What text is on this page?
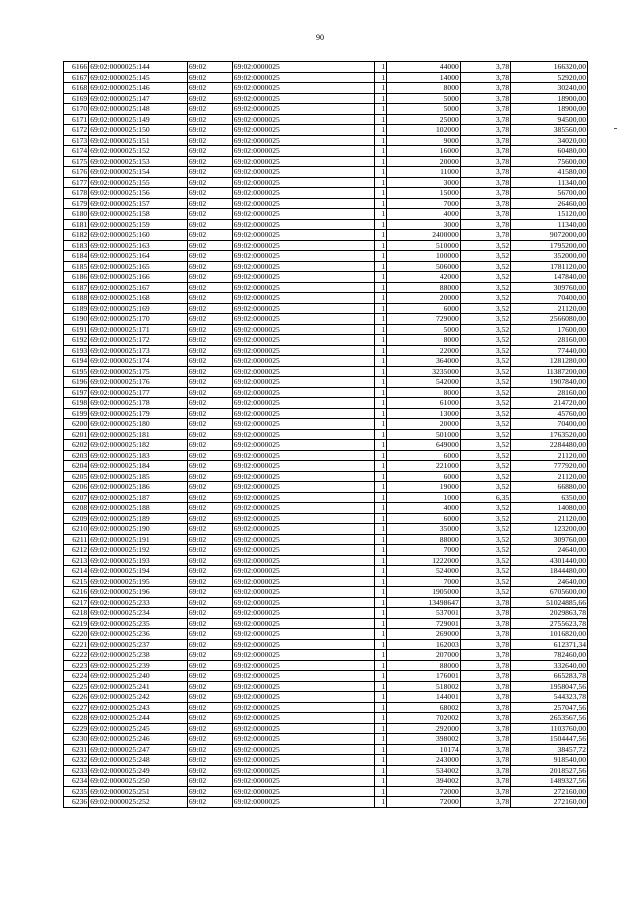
90
6166	69:02:0000025:144	69:02	69:02:0000025	1	44000	3,78	166320,00
6167	69:02:0000025:145	69:02	69:02:0000025	1	14000	3,78	52920,00
6168	69:02:0000025:146	69:02	69:02:0000025	1	8000	3,78	30240,00
6169	69:02:0000025:147	69:02	69:02:0000025	1	5000	3,78	18900,00
6170	69:02:0000025:148	69:02	69:02:0000025	1	5000	3,78	18900,00
6171	69:02:0000025:149	69:02	69:02:0000025	1	25000	3,78	94500,00
6172	69:02:0000025:150	69:02	69:02:0000025	1	102000	3,78	385560,00
6173	69:02:0000025:151	69:02	69:02:0000025	1	9000	3,78	34020,00
6174	69:02:0000025:152	69:02	69:02:0000025	1	16000	3,78	60480,00
6175	69:02:0000025:153	69:02	69:02:0000025	1	20000	3,78	75600,00
6176	69:02:0000025:154	69:02	69:02:0000025	1	11000	3,78	41580,00
6177	69:02:0000025:155	69:02	69:02:0000025	1	3000	3,78	11340,00
6178	69:02:0000025:156	69:02	69:02:0000025	1	15000	3,78	56700,00
6179	69:02:0000025:157	69:02	69:02:0000025	1	7000	3,78	26460,00
6180	69:02:0000025:158	69:02	69:02:0000025	1	4000	3,78	15120,00
6181	69:02:0000025:159	69:02	69:02:0000025	1	3000	3,78	11340,00
6182	69:02:0000025:160	69:02	69:02:0000025	1	2400000	3,78	9072000,00
6183	69:02:0000025:163	69:02	69:02:0000025	1	510000	3,52	1795200,00
6184	69:02:0000025:164	69:02	69:02:0000025	1	100000	3,52	352000,00
6185	69:02:0000025:165	69:02	69:02:0000025	1	506000	3,52	1781120,00
6186	69:02:0000025:166	69:02	69:02:0000025	1	42000	3,52	147840,00
6187	69:02:0000025:167	69:02	69:02:0000025	1	88000	3,52	309760,00
6188	69:02:0000025:168	69:02	69:02:0000025	1	20000	3,52	70400,00
6189	69:02:0000025:169	69:02	69:02:0000025	1	6000	3,52	21120,00
6190	69:02:0000025:170	69:02	69:02:0000025	1	729000	3,52	2566080,00
6191	69:02:0000025:171	69:02	69:02:0000025	1	5000	3,52	17600,00
6192	69:02:0000025:172	69:02	69:02:0000025	1	8000	3,52	28160,00
6193	69:02:0000025:173	69:02	69:02:0000025	1	22000	3,52	77440,00
6194	69:02:0000025:174	69:02	69:02:0000025	1	364000	3,52	1281280,00
6195	69:02:0000025:175	69:02	69:02:0000025	1	3235000	3,52	11387200,00
6196	69:02:0000025:176	69:02	69:02:0000025	1	542000	3,52	1907840,00
6197	69:02:0000025:177	69:02	69:02:0000025	1	8000	3,52	28160,00
6198	69:02:0000025:178	69:02	69:02:0000025	1	61000	3,52	214720,00
6199	69:02:0000025:179	69:02	69:02:0000025	1	13000	3,52	45760,00
6200	69:02:0000025:180	69:02	69:02:0000025	1	20000	3,52	70400,00
6201	69:02:0000025:181	69:02	69:02:0000025	1	501000	3,52	1763520,00
6202	69:02:0000025:182	69:02	69:02:0000025	1	649000	3,52	2284480,00
6203	69:02:0000025:183	69:02	69:02:0000025	1	6000	3,52	21120,00
6204	69:02:0000025:184	69:02	69:02:0000025	1	221000	3,52	777920,00
6205	69:02:0000025:185	69:02	69:02:0000025	1	6000	3,52	21120,00
6206	69:02:0000025:186	69:02	69:02:0000025	1	19000	3,52	66880,00
6207	69:02:0000025:187	69:02	69:02:0000025	1	1000	6,35	6350,00
6208	69:02:0000025:188	69:02	69:02:0000025	1	4000	3,52	14080,00
6209	69:02:0000025:189	69:02	69:02:0000025	1	6000	3,52	21120,00
6210	69:02:0000025:190	69:02	69:02:0000025	1	35000	3,52	123200,00
6211	69:02:0000025:191	69:02	69:02:0000025	1	88000	3,52	309760,00
6212	69:02:0000025:192	69:02	69:02:0000025	1	7000	3,52	24640,00
6213	69:02:0000025:193	69:02	69:02:0000025	1	1222000	3,52	4301440,00
6214	69:02:0000025:194	69:02	69:02:0000025	1	524000	3,52	1844480,00
6215	69:02:0000025:195	69:02	69:02:0000025	1	7000	3,52	24640,00
6216	69:02:0000025:196	69:02	69:02:0000025	1	1905000	3,52	6705600,00
6217	69:02:0000025:233	69:02	69:02:0000025	1	13498647	3,78	51024885,66
6218	69:02:0000025:234	69:02	69:02:0000025	1	537001	3,78	2029863,78
6219	69:02:0000025:235	69:02	69:02:0000025	1	729001	3,78	2755623,78
6220	69:02:0000025:236	69:02	69:02:0000025	1	269000	3,78	1016820,00
6221	69:02:0000025:237	69:02	69:02:0000025	1	162003	3,78	612371,34
6222	69:02:0000025:238	69:02	69:02:0000025	1	207000	3,78	782460,00
6223	69:02:0000025:239	69:02	69:02:0000025	1	88000	3,78	332640,00
6224	69:02:0000025:240	69:02	69:02:0000025	1	176001	3,78	665283,78
6225	69:02:0000025:241	69:02	69:02:0000025	1	518002	3,78	1958047,56
6226	69:02:0000025:242	69:02	69:02:0000025	1	144001	3,78	544323,78
6227	69:02:0000025:243	69:02	69:02:0000025	1	68002	3,78	257047,56
6228	69:02:0000025:244	69:02	69:02:0000025	1	702002	3,78	2653567,56
6229	69:02:0000025:245	69:02	69:02:0000025	1	292000	3,78	1103760,00
6230	69:02:0000025:246	69:02	69:02:0000025	1	398002	3,78	1504447,56
6231	69:02:0000025:247	69:02	69:02:0000025	1	10174	3,78	38457,72
6232	69:02:0000025:248	69:02	69:02:0000025	1	243000	3,78	918540,00
6233	69:02:0000025:249	69:02	69:02:0000025	1	534002	3,78	2018527,56
6234	69:02:0000025:250	69:02	69:02:0000025	1	394002	3,78	1489327,56
6235	69:02:0000025:251	69:02	69:02:0000025	1	72000	3,78	272160,00
6236	69:02:0000025:252	69:02	69:02:0000025	1	72000	3,78	272160,00
